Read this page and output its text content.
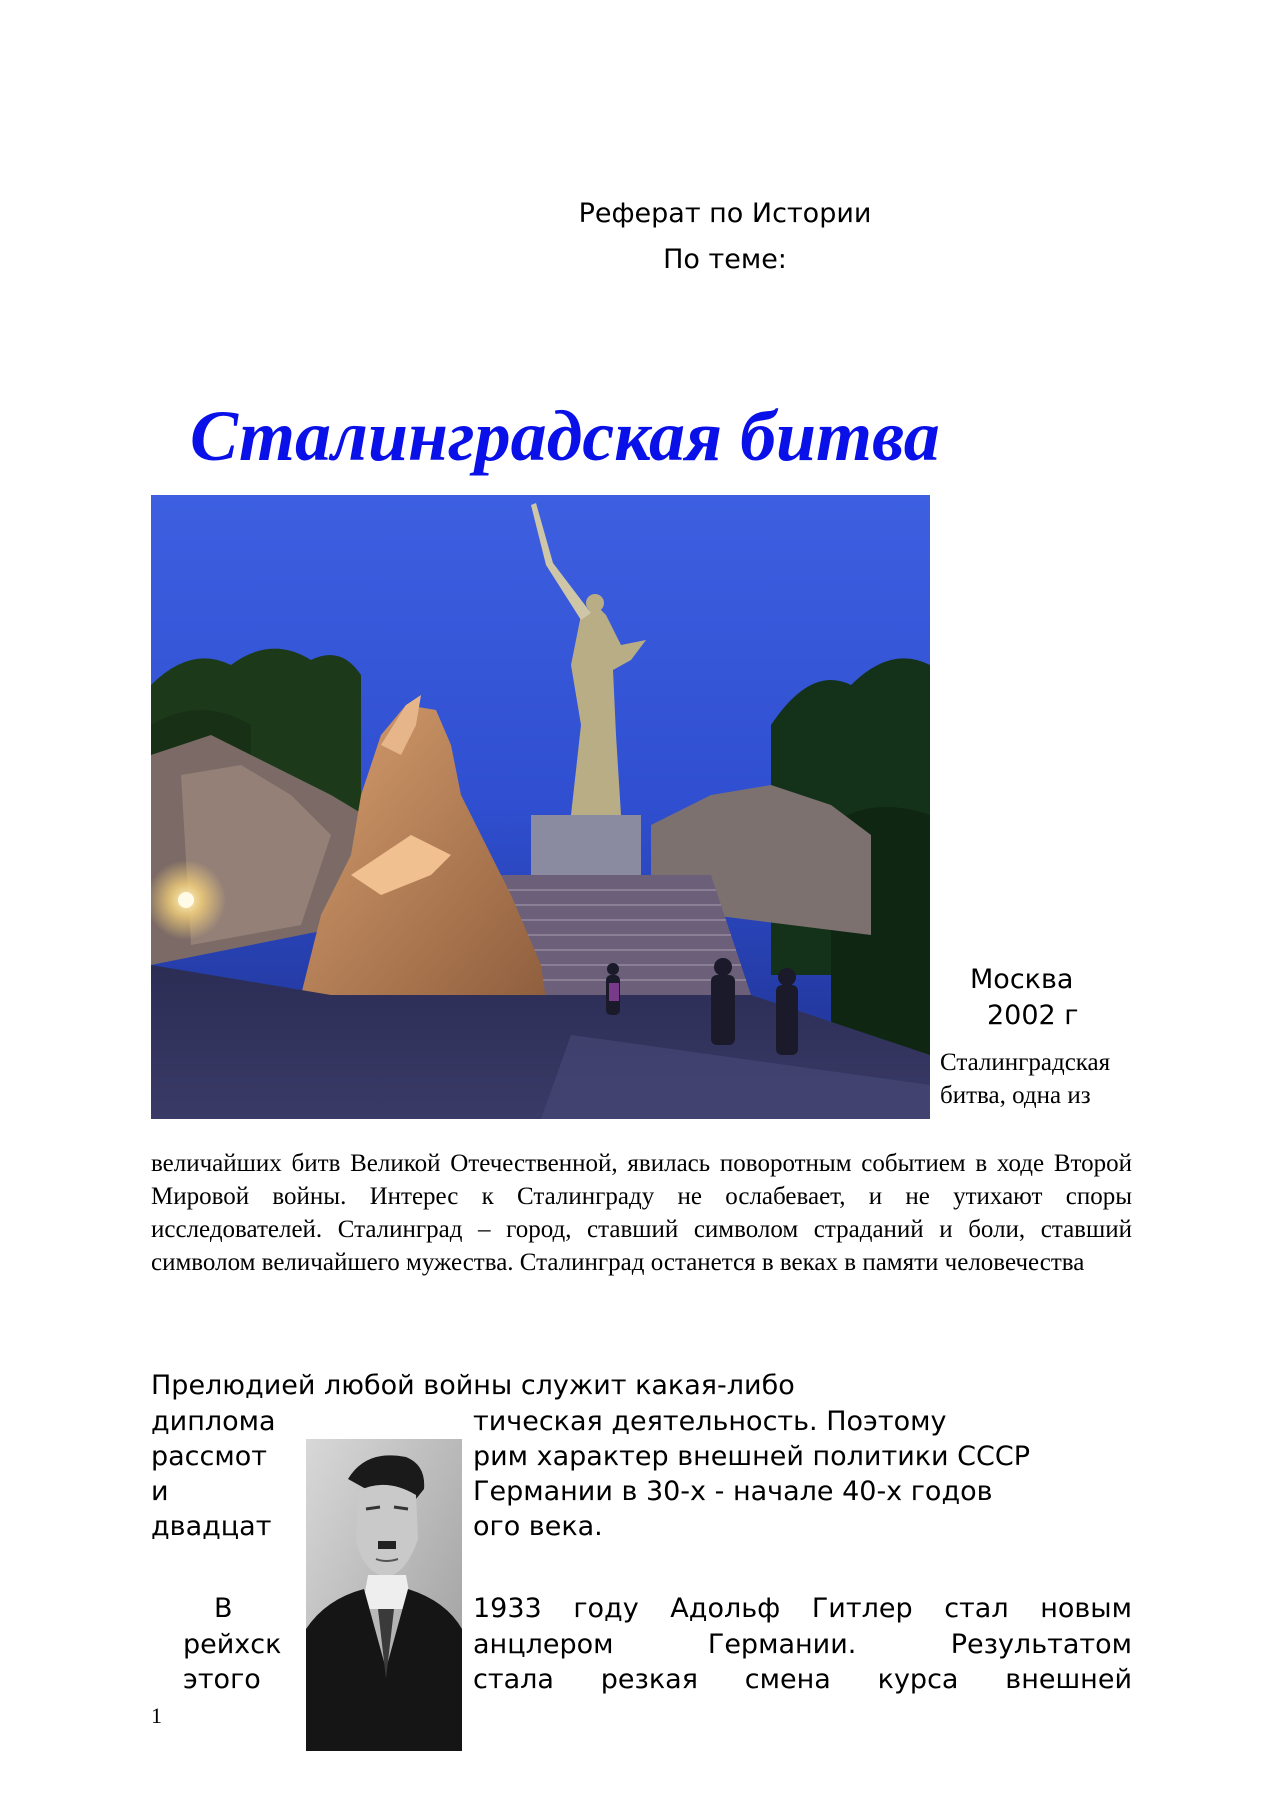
Реферат по Истории
По теме:
Сталинградская битва
Москва
2002 г
Сталинградская битва, одна из
величайших битв Великой Отечественной, явилась поворотным событием в ходе Второй Мировой войны. Интерес к Сталинграду не ослабевает, и не утихают споры исследователей. Сталинград – город, ставший символом страданий и боли, ставший символом величайшего мужества. Сталинград останется в веках в памяти человечества
Прелюдией любой войны служит какая-либо
диплома
рассмот
и
двадцат
тическая деятельность. Поэтому
рим характер внешней политики СССР
Германии в 30-х - начале 40-х годов
ого века.
В
рейхск
этого
1933 году Адольф Гитлер стал новым
анцлером Германии. Результатом
стала резкая смена курса внешней
1
